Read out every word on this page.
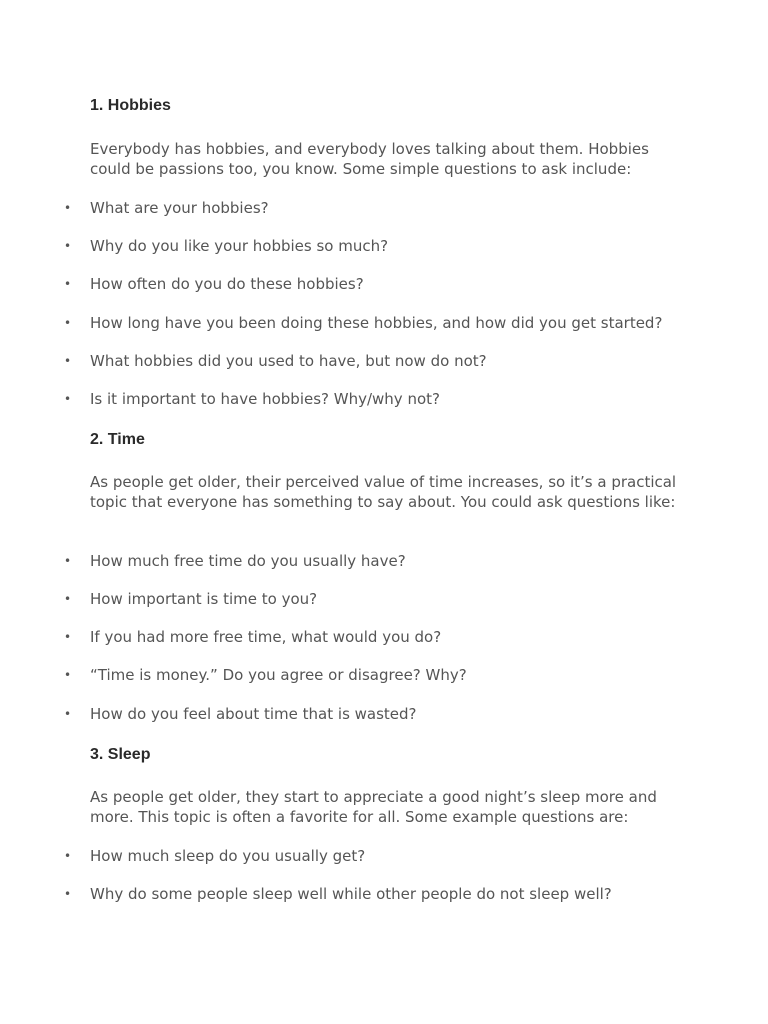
1. Hobbies

Everybody has hobbies, and everybody loves talking about them. Hobbies could be passions too, you know. Some simple questions to ask include:

•	What are your hobbies?
•	Why do you like your hobbies so much?
•	How often do you do these hobbies?
•	How long have you been doing these hobbies, and how did you get started?
•	What hobbies did you used to have, but now do not?
•	Is it important to have hobbies? Why/why not?
2. Time

As people get older, their perceived value of time increases, so it’s a practical topic that everyone has something to say about. You could ask questions like:

•	How much free time do you usually have?
•	How important is time to you?
•	If you had more free time, what would you do?
•	“Time is money.” Do you agree or disagree? Why?
•	How do you feel about time that is wasted?
3. Sleep

As people get older, they start to appreciate a good night’s sleep more and more. This topic is often a favorite for all. Some example questions are:

•	How much sleep do you usually get?
•	Why do some people sleep well while other people do not sleep well?
